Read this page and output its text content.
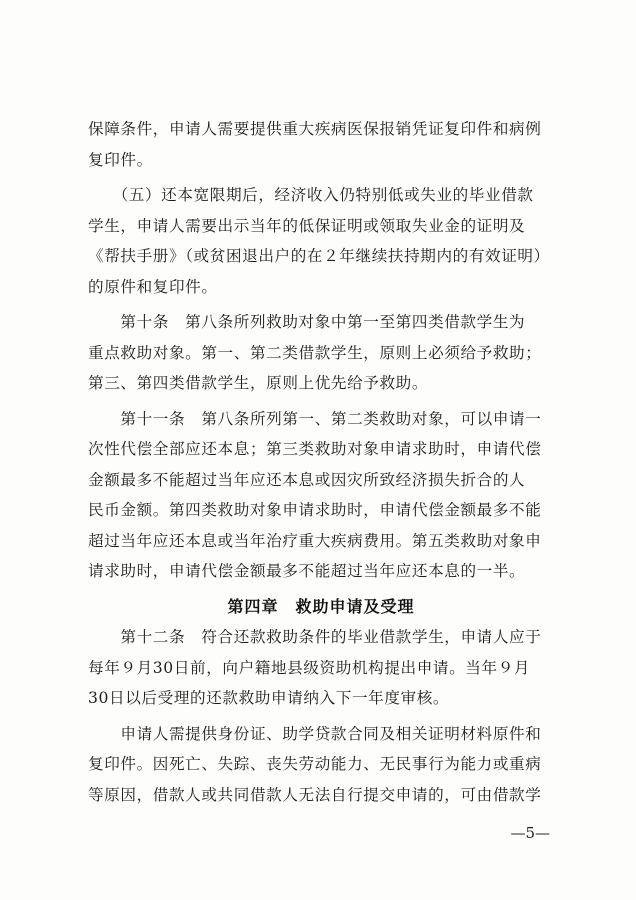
保障条件，申请人需要提供重大疾病医保报销凭证复印件和病例
复印件。
　　（五）还本宽限期后，经济收入仍特别低或失业的毕业借款
学生，申请人需要出示当年的低保证明或领取失业金的证明及
《帮扶手册》（或贫困退出户的在２年继续扶持期内的有效证明）
的原件和复印件。
　　第十条　第八条所列救助对象中第一至第四类借款学生为
重点救助对象。第一、第二类借款学生，原则上必须给予救助；
第三、第四类借款学生，原则上优先给予救助。
　　第十一条　第八条所列第一、第二类救助对象，可以申请一
次性代偿全部应还本息；第三类救助对象申请求助时，申请代偿
金额最多不能超过当年应还本息或因灾所致经济损失折合的人
民币金额。第四类救助对象申请求助时，申请代偿金额最多不能
超过当年应还本息或当年治疗重大疾病费用。第五类救助对象申
请求助时，申请代偿金额最多不能超过当年应还本息的一半。
第四章　救助申请及受理
　　第十二条　符合还款救助条件的毕业借款学生，申请人应于
每年９月30日前，向户籍地县级资助机构提出申请。当年９月
30日以后受理的还款救助申请纳入下一年度审核。
　　申请人需提供身份证、助学贷款合同及相关证明材料原件和
复印件。因死亡、失踪、丧失劳动能力、无民事行为能力或重病
等原因，借款人或共同借款人无法自行提交申请的，可由借款学
—5—
